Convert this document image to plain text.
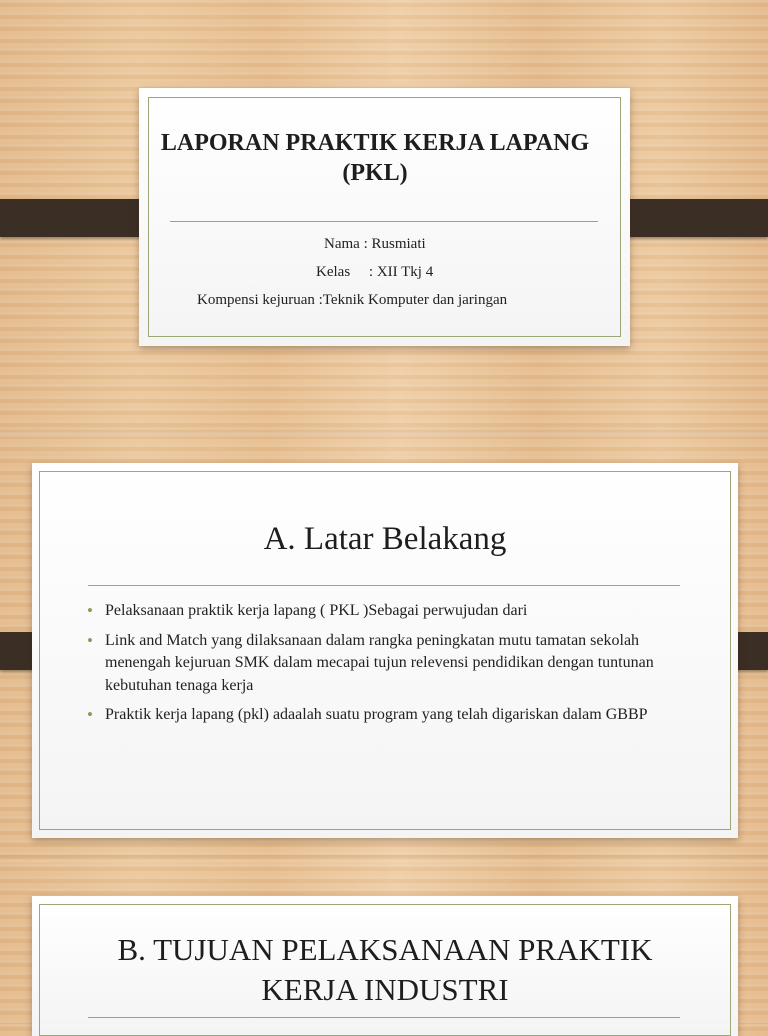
LAPORAN PRAKTIK KERJA LAPANG (PKL)
Nama : Rusmiati
Kelas     : XII Tkj 4
Kompensi kejuruan :Teknik Komputer dan jaringan
A. Latar Belakang
• Pelaksanaan praktik kerja lapang ( PKL )Sebagai perwujudan dari
• Link and Match yang dilaksanaan dalam rangka peningkatan mutu tamatan sekolah menengah kejuruan SMK dalam mecapai tujun relevensi pendidikan dengan tuntunan kebutuhan tenaga kerja
• Praktik kerja lapang (pkl) adaalah suatu program yang telah digariskan dalam GBBP
B. TUJUAN PELAKSANAAN PRAKTIK KERJA INDUSTRI
